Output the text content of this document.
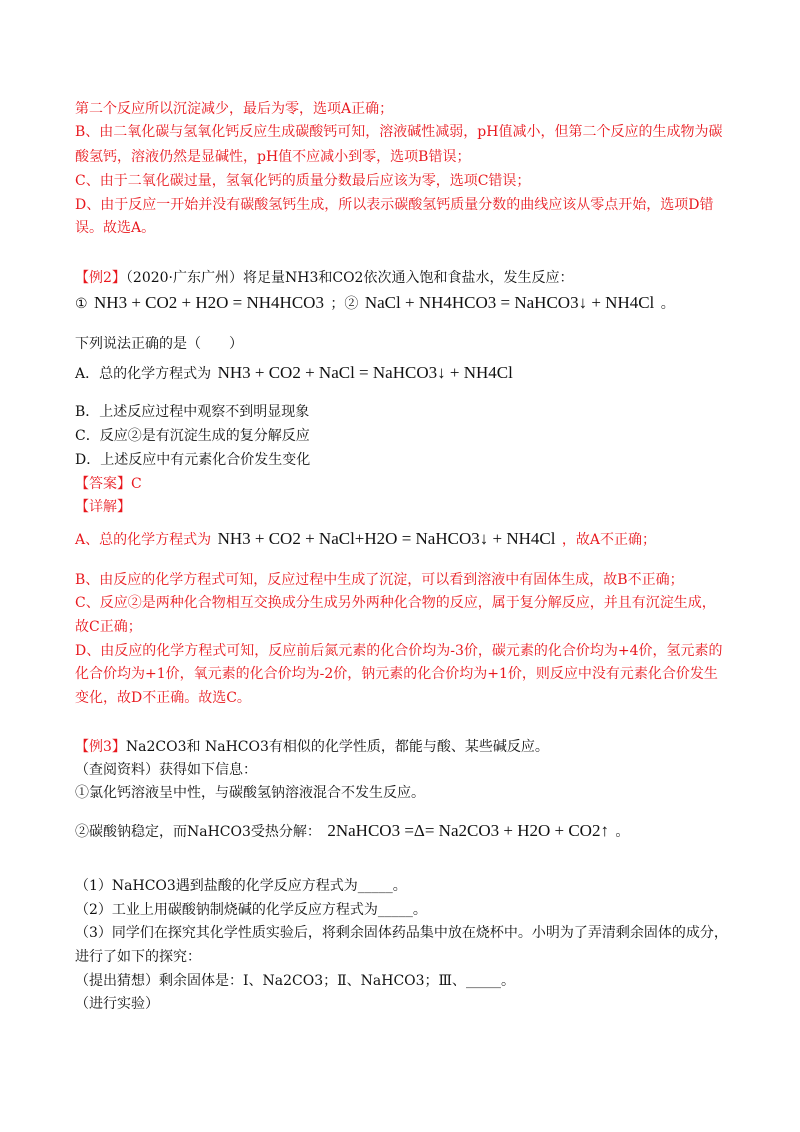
第二个反应所以沉淀减少，最后为零，选项A正确；
B、由二氧化碳与氢氧化钙反应生成碳酸钙可知，溶液碱性减弱，pH值减小，但第二个反应的生成物为碳
酸氢钙，溶液仍然是显碱性，pH值不应减小到零，选项B错误；
C、由于二氧化碳过量，氢氧化钙的质量分数最后应该为零，选项C错误；
D、由于反应一开始并没有碳酸氢钙生成，所以表示碳酸氢钙质量分数的曲线应该从零点开始，选项D错
误。故选A。
【例2】（2020·广东广州）将足量NH3和CO2依次通入饱和食盐水，发生反应：
① NH3 + CO2 + H2O = NH4HCO3 ；② NaCl + NH4HCO3 = NaHCO3↓ + NH4Cl 。
下列说法正确的是（　　）
A．总的化学方程式为 NH3 + CO2 + NaCl = NaHCO3↓ + NH4Cl
B．上述反应过程中观察不到明显现象
C．反应②是有沉淀生成的复分解反应
D．上述反应中有元素化合价发生变化
【答案】C
【详解】
A、总的化学方程式为 NH3 + CO2 + NaCl+H2O = NaHCO3↓ + NH4Cl ，故A不正确；
B、由反应的化学方程式可知，反应过程中生成了沉淀，可以看到溶液中有固体生成，故B不正确；
C、反应②是两种化合物相互交换成分生成另外两种化合物的反应，属于复分解反应，并且有沉淀生成，
故C正确；
D、由反应的化学方程式可知，反应前后氮元素的化合价均为-3价，碳元素的化合价均为+4价，氢元素的
化合价均为+1价，氧元素的化合价均为-2价，钠元素的化合价均为+1价，则反应中没有元素化合价发生
变化，故D不正确。故选C。
【例3】Na2CO3和 NaHCO3有相似的化学性质，都能与酸、某些碱反应。
（查阅资料）获得如下信息：
①氯化钙溶液呈中性，与碳酸氢钠溶液混合不发生反应。
②碳酸钠稳定，而NaHCO3受热分解： 2NaHCO3 =Δ= Na2CO3 + H2O + CO2↑ 。
（1）NaHCO3遇到盐酸的化学反应方程式为_____。
（2）工业上用碳酸钠制烧碱的化学反应方程式为_____。
（3）同学们在探究其化学性质实验后，将剩余固体药品集中放在烧杯中。小明为了弄清剩余固体的成分，
进行了如下的探究：
（提出猜想）剩余固体是：Ⅰ、Na2CO3；Ⅱ、NaHCO3；Ⅲ、_____。
（进行实验）
